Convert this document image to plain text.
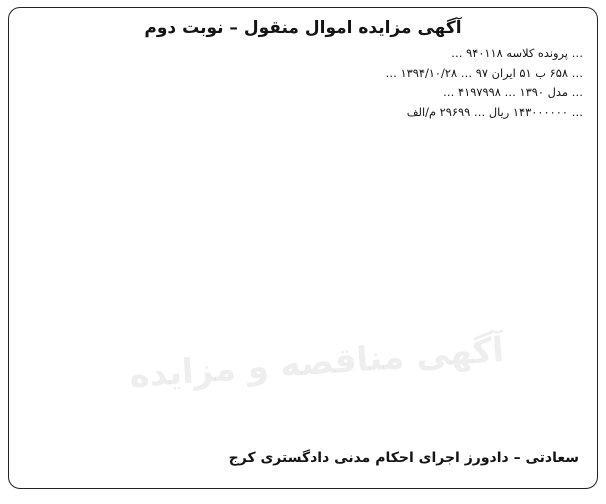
آگهی مناقصه و مزایده
آگهی مزایده اموال منقول – نوبت دوم

… پرونده کلاسه ۹۴۰۱۱۸ …

… ۶۵۸ ب ۵۱ ایران ۹۷ … ۱۳۹۴/۱۰/۲۸ …

… مدل ۱۳۹۰ … ۴۱۹۷۹۹۸ …

… ۱۴۳۰۰۰۰۰۰ ریال … ۲۹۶۹۹ م/الف

سعادتی – دادورز اجرای احکام مدنی دادگستری کرج
